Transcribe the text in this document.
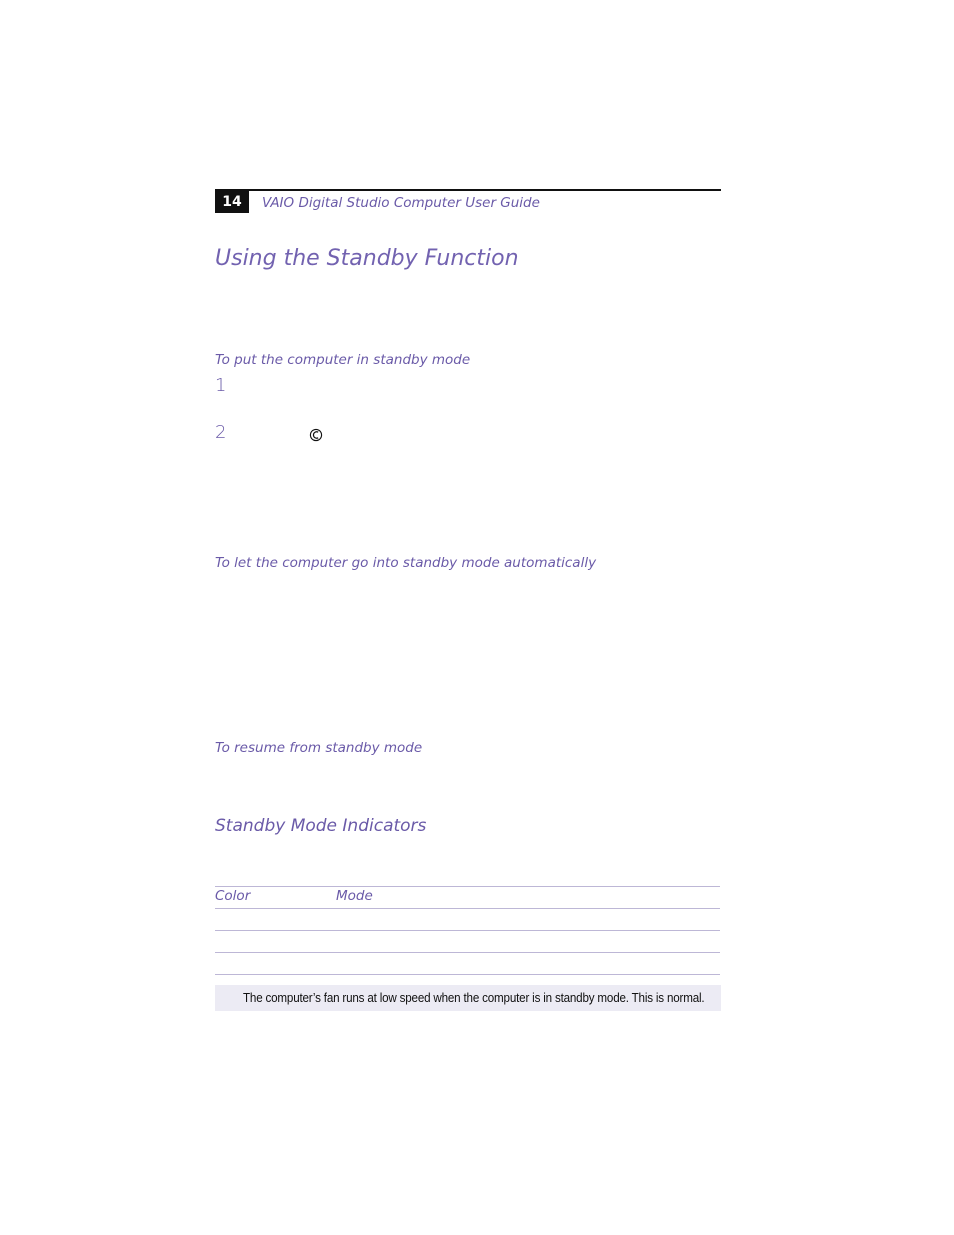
14	VAIO Digital Studio Computer User Guide
Using the Standby Function
To put the computer in standby mode
1
2
To let the computer go into standby mode automatically
To resume from standby mode
Standby Mode Indicators
Color	Mode
The computer’s fan runs at low speed when the computer is in standby mode. This is normal.
